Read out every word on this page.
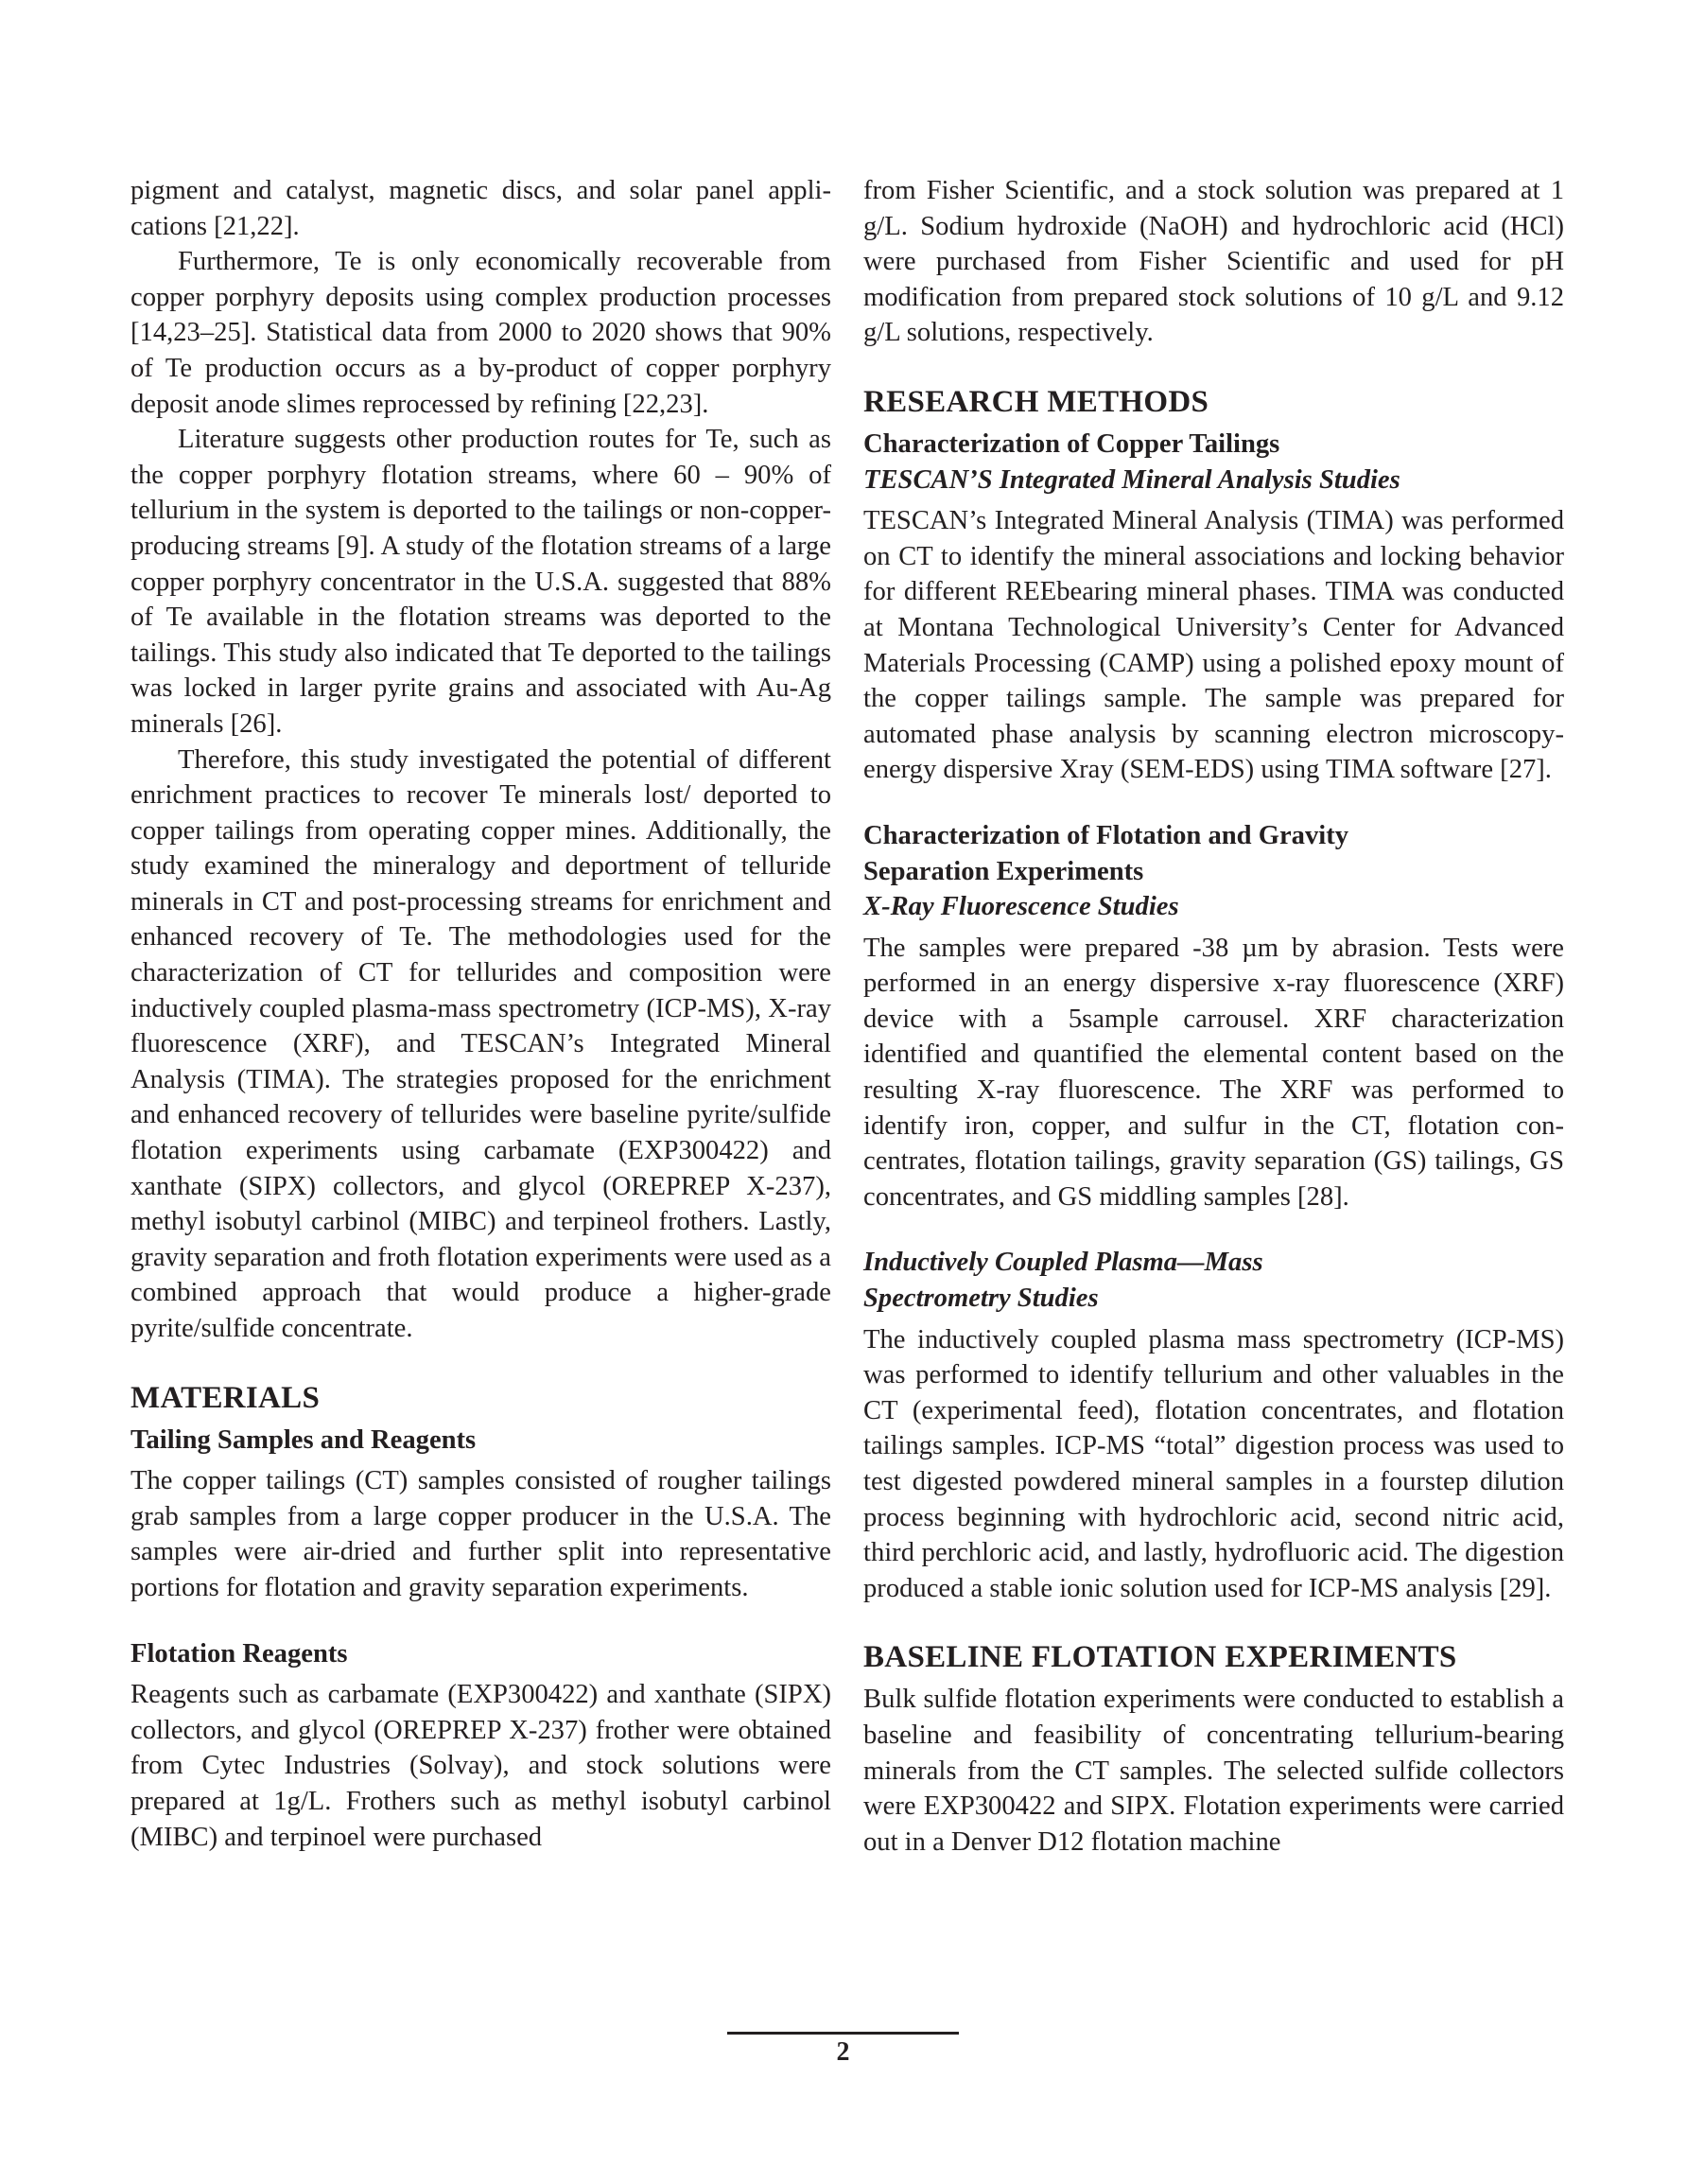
pigment and catalyst, magnetic discs, and solar panel applications [21,22].

Furthermore, Te is only economically recoverable from copper porphyry deposits using complex production processes [14,23–25]. Statistical data from 2000 to 2020 shows that 90% of Te production occurs as a by-product of copper porphyry deposit anode slimes reprocessed by refining [22,23].

Literature suggests other production routes for Te, such as the copper porphyry flotation streams, where 60 – 90% of tellurium in the system is deported to the tailings or non-copper-producing streams [9]. A study of the flotation streams of a large copper porphyry concentrator in the U.S.A. suggested that 88% of Te available in the flotation streams was deported to the tailings. This study also indicated that Te deported to the tailings was locked in larger pyrite grains and associated with Au-Ag minerals [26].

Therefore, this study investigated the potential of different enrichment practices to recover Te minerals lost/ deported to copper tailings from operating copper mines. Additionally, the study examined the mineralogy and deportment of telluride minerals in CT and post-processing streams for enrichment and enhanced recovery of Te. The methodologies used for the characterization of CT for tellurides and composition were inductively coupled plasma-mass spectrometry (ICP-MS), X-ray fluorescence (XRF), and TESCAN’s Integrated Mineral Analysis (TIMA). The strategies proposed for the enrichment and enhanced recovery of tellurides were baseline pyrite/sulfide flotation experiments using carbamate (EXP300422) and xanthate (SIPX) collectors, and glycol (OREPREP X-237), methyl isobutyl carbinol (MIBC) and terpineol frothers. Lastly, gravity separation and froth flotation experiments were used as a combined approach that would produce a higher-grade pyrite/sulfide concentrate.

MATERIALS
Tailing Samples and Reagents

The copper tailings (CT) samples consisted of rougher tailings grab samples from a large copper producer in the U.S.A. The samples were air-dried and further split into representative portions for flotation and gravity separation experiments.

Flotation Reagents

Reagents such as carbamate (EXP300422) and xanthate (SIPX) collectors, and glycol (OREPREP X-237) frother were obtained from Cytec Industries (Solvay), and stock solutions were prepared at 1g/L. Frothers such as methyl isobutyl carbinol (MIBC) and terpinoel were purchased

from Fisher Scientific, and a stock solution was prepared at 1 g/L. Sodium hydroxide (NaOH) and hydrochloric acid (HCl) were purchased from Fisher Scientific and used for pH modification from prepared stock solutions of 10 g/L and 9.12 g/L solutions, respectively.

RESEARCH METHODS
Characterization of Copper Tailings
TESCAN’S Integrated Mineral Analysis Studies

TESCAN’s Integrated Mineral Analysis (TIMA) was performed on CT to identify the mineral associations and locking behavior for different REEbearing mineral phases. TIMA was conducted at Montana Technological University’s Center for Advanced Materials Processing (CAMP) using a polished epoxy mount of the copper tailings sample. The sample was prepared for automated phase analysis by scanning electron microscopy-energy dispersive Xray (SEM-EDS) using TIMA software [27].

Characterization of Flotation and Gravity
Separation Experiments
X-Ray Fluorescence Studies

The samples were prepared -38 µm by abrasion. Tests were performed in an energy dispersive x-ray fluorescence (XRF) device with a 5sample carrousel. XRF characterization identified and quantified the elemental content based on the resulting X-ray fluorescence. The XRF was performed to identify iron, copper, and sulfur in the CT, flotation concentrates, flotation tailings, gravity separation (GS) tailings, GS concentrates, and GS middling samples [28].

Inductively Coupled Plasma—Mass
Spectrometry Studies

The inductively coupled plasma mass spectrometry (ICP-MS) was performed to identify tellurium and other valuables in the CT (experimental feed), flotation concentrates, and flotation tailings samples. ICP-MS “total” digestion process was used to test digested powdered mineral samples in a fourstep dilution process beginning with hydrochloric acid, second nitric acid, third perchloric acid, and lastly, hydrofluoric acid. The digestion produced a stable ionic solution used for ICP-MS analysis [29].

BASELINE FLOTATION EXPERIMENTS

Bulk sulfide flotation experiments were conducted to establish a baseline and feasibility of concentrating tellurium-bearing minerals from the CT samples. The selected sulfide collectors were EXP300422 and SIPX. Flotation experiments were carried out in a Denver D12 flotation machine

2
